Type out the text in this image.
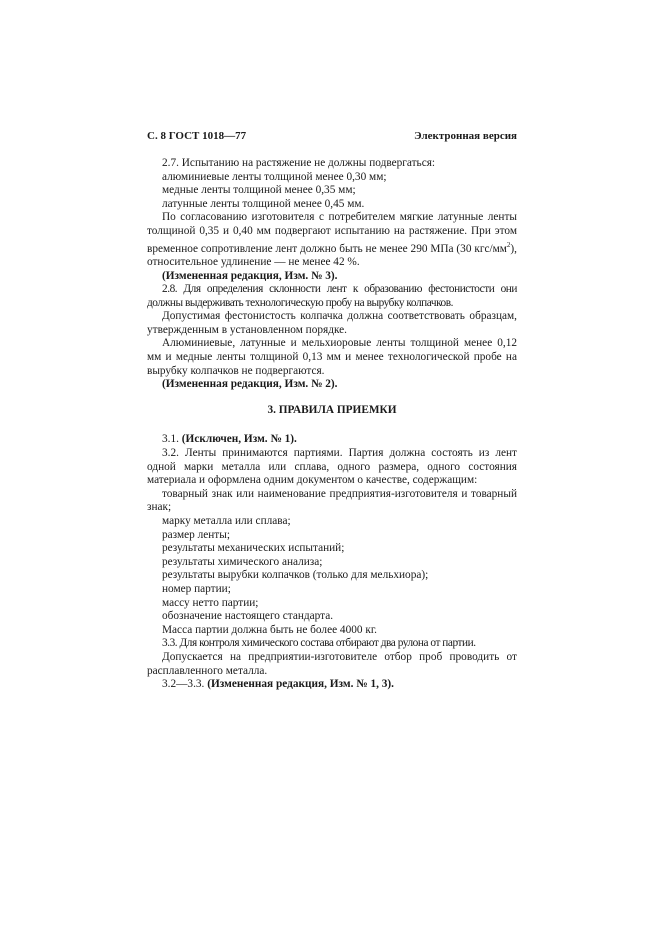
С. 8 ГОСТ 1018—77	Электронная версия

2.7. Испытанию на растяжение не должны подвергаться:

алюминиевые ленты толщиной менее 0,30 мм;

медные ленты толщиной менее 0,35 мм;

латунные ленты толщиной менее 0,45 мм.

По согласованию изготовителя с потребителем мягкие латунные ленты толщиной 0,35 и 0,40 мм подвергают испытанию на растяжение. При этом временное сопротивление лент должно быть не менее 290 МПа (30 кгс/$мм^2$), относительное удлинение — не менее 42 %.

(Измененная редакция, Изм. № 3).

2.8. Для определения склонности лент к образованию фестонистости они должны выдерживать технологическую пробу на вырубку колпачков.

Допустимая фестонистость колпачка должна соответствовать образцам, утвержденным в установленном порядке.

Алюминиевые, латунные и мельхиоровые ленты толщиной менее 0,12 мм и медные ленты толщиной 0,13 мм и менее технологической пробе на вырубку колпачков не подвергаются.

(Измененная редакция, Изм. № 2).

3. ПРАВИЛА ПРИЕМКИ

3.1. (Исключен, Изм. № 1).

3.2. Ленты принимаются партиями. Партия должна состоять из лент одной марки металла или сплава, одного размера, одного состояния материала и оформлена одним документом о качестве, содержащим:

товарный знак или наименование предприятия-изготовителя и товарный знак;

марку металла или сплава;

размер ленты;

результаты механических испытаний;

результаты химического анализа;

результаты вырубки колпачков (только для мельхиора);

номер партии;

массу нетто партии;

обозначение настоящего стандарта.

Масса партии должна быть не более 4000 кг.

3.3. Для контроля химического состава отбирают два рулона от партии.

Допускается на предприятии-изготовителе отбор проб проводить от расплавленного металла.

3.2—3.3. (Измененная редакция, Изм. № 1, 3).
